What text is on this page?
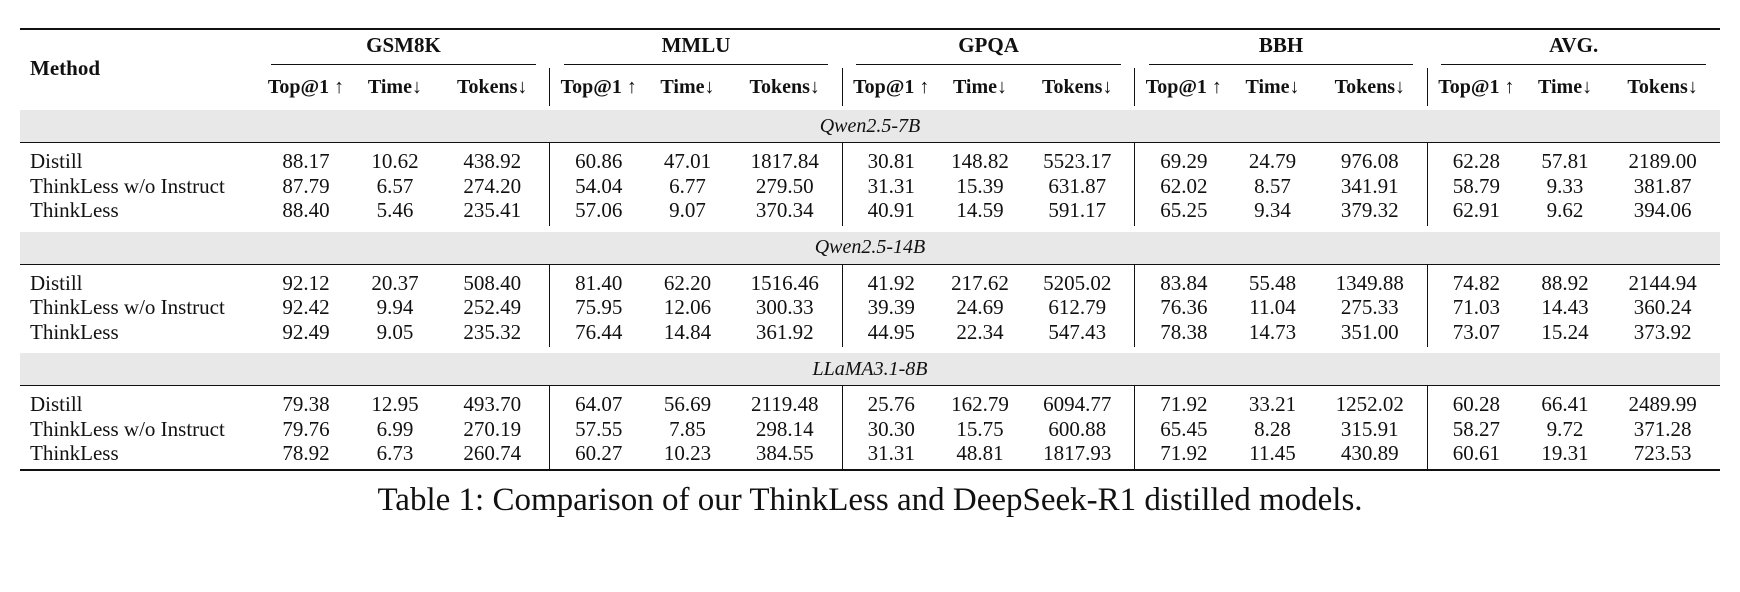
Method	GSM8K			MMLU			GPQA			BBH			AVG.		

	Top@1 ↑	Time↓	Tokens↓	Top@1 ↑	Time↓	Tokens↓	Top@1 ↑	Time↓	Tokens↓	Top@1 ↑	Time↓	Tokens↓	Top@1 ↑	Time↓	Tokens↓
Qwen2.5-7B															
Distill	88.17	10.62	438.92	60.86	47.01	1817.84	30.81	148.82	5523.17	69.29	24.79	976.08	62.28	57.81	2189.00
ThinkLess w/o Instruct	87.79	6.57	274.20	54.04	6.77	279.50	31.31	15.39	631.87	62.02	8.57	341.91	58.79	9.33	381.87
ThinkLess	88.40	5.46	235.41	57.06	9.07	370.34	40.91	14.59	591.17	65.25	9.34	379.32	62.91	9.62	394.06
Qwen2.5-14B															
Distill	92.12	20.37	508.40	81.40	62.20	1516.46	41.92	217.62	5205.02	83.84	55.48	1349.88	74.82	88.92	2144.94
ThinkLess w/o Instruct	92.42	9.94	252.49	75.95	12.06	300.33	39.39	24.69	612.79	76.36	11.04	275.33	71.03	14.43	360.24
ThinkLess	92.49	9.05	235.32	76.44	14.84	361.92	44.95	22.34	547.43	78.38	14.73	351.00	73.07	15.24	373.92
LLaMA3.1-8B															
Distill	79.38	12.95	493.70	64.07	56.69	2119.48	25.76	162.79	6094.77	71.92	33.21	1252.02	60.28	66.41	2489.99
ThinkLess w/o Instruct	79.76	6.99	270.19	57.55	7.85	298.14	30.30	15.75	600.88	65.45	8.28	315.91	58.27	9.72	371.28
ThinkLess	78.92	6.73	260.74	60.27	10.23	384.55	31.31	48.81	1817.93	71.92	11.45	430.89	60.61	19.31	723.53
Table 1: Comparison of our ThinkLess and DeepSeek-R1 distilled models.
